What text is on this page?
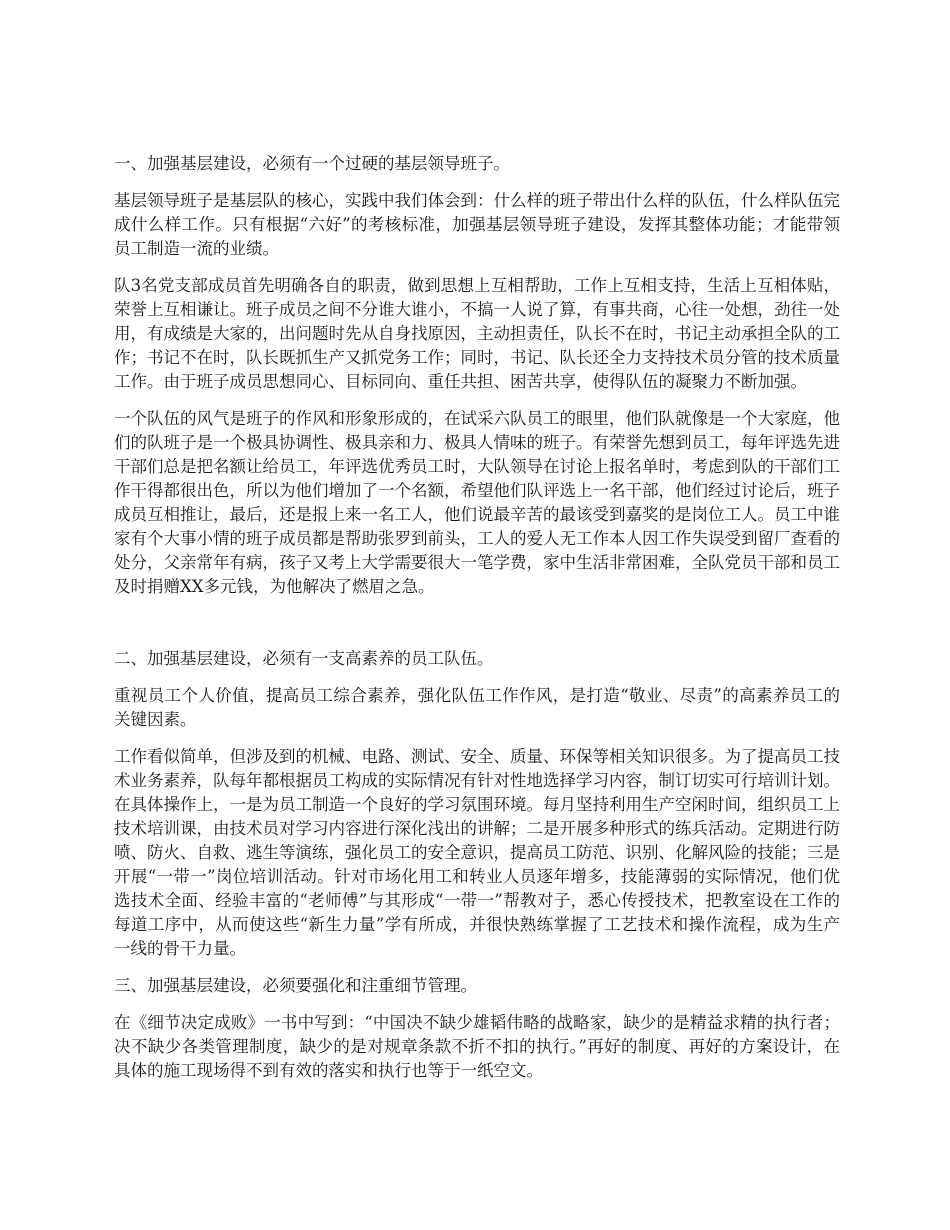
一、加强基层建设，必须有一个过硬的基层领导班子。

基层领导班子是基层队的核心，实践中我们体会到：什么样的班子带出什么样的队伍，什么样队伍完成什么样工作。只有根据“六好”的考核标准，加强基层领导班子建设，发挥其整体功能；才能带领员工制造一流的业绩。

队3名党支部成员首先明确各自的职责，做到思想上互相帮助，工作上互相支持，生活上互相体贴，荣誉上互相谦让。班子成员之间不分谁大谁小，不搞一人说了算，有事共商，心往一处想，劲往一处用，有成绩是大家的，出问题时先从自身找原因，主动担责任，队长不在时，书记主动承担全队的工作；书记不在时，队长既抓生产又抓党务工作；同时，书记、队长还全力支持技术员分管的技术质量工作。由于班子成员思想同心、目标同向、重任共担、困苦共享，使得队伍的凝聚力不断加强。

一个队伍的风气是班子的作风和形象形成的，在试采六队员工的眼里，他们队就像是一个大家庭，他们的队班子是一个极具协调性、极具亲和力、极具人情味的班子。有荣誉先想到员工，每年评选先进干部们总是把名额让给员工，年评选优秀员工时，大队领导在讨论上报名单时，考虑到队的干部们工作干得都很出色，所以为他们增加了一个名额，希望他们队评选上一名干部，他们经过讨论后，班子成员互相推让，最后，还是报上来一名工人，他们说最辛苦的最该受到嘉奖的是岗位工人。员工中谁家有个大事小情的班子成员都是帮助张罗到前头，工人的爱人无工作本人因工作失误受到留厂查看的处分，父亲常年有病，孩子又考上大学需要很大一笔学费，家中生活非常困难，全队党员干部和员工及时捐赠XX多元钱，为他解决了燃眉之急。

二、加强基层建设，必须有一支高素养的员工队伍。

重视员工个人价值，提高员工综合素养，强化队伍工作作风，是打造“敬业、尽责”的高素养员工的关键因素。

工作看似简单，但涉及到的机械、电路、测试、安全、质量、环保等相关知识很多。为了提高员工技术业务素养，队每年都根据员工构成的实际情况有针对性地选择学习内容，制订切实可行培训计划。在具体操作上，一是为员工制造一个良好的学习氛围环境。每月坚持利用生产空闲时间，组织员工上技术培训课，由技术员对学习内容进行深化浅出的讲解；二是开展多种形式的练兵活动。定期进行防喷、防火、自救、逃生等演练，强化员工的安全意识，提高员工防范、识别、化解风险的技能；三是开展“一带一”岗位培训活动。针对市场化用工和转业人员逐年增多，技能薄弱的实际情况，他们优选技术全面、经验丰富的“老师傅”与其形成“一带一”帮教对子，悉心传授技术，把教室设在工作的每道工序中，从而使这些“新生力量”学有所成，并很快熟练掌握了工艺技术和操作流程，成为生产一线的骨干力量。

三、加强基层建设，必须要强化和注重细节管理。

在《细节决定成败》一书中写到：“中国决不缺少雄韬伟略的战略家，缺少的是精益求精的执行者；决不缺少各类管理制度，缺少的是对规章条款不折不扣的执行。”再好的制度、再好的方案设计，在具体的施工现场得不到有效的落实和执行也等于一纸空文。
